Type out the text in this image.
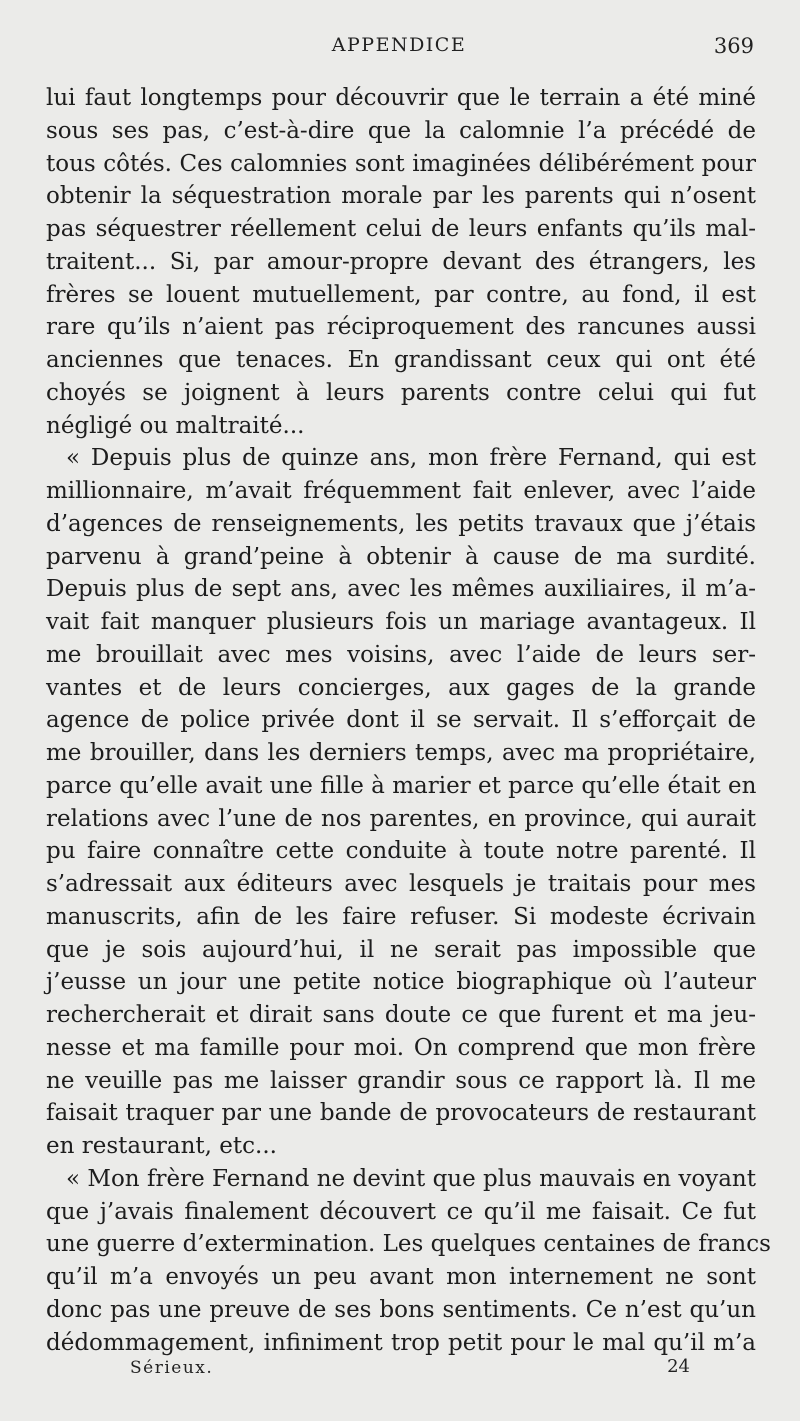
APPENDICE	369
lui faut longtemps pour découvrir que le terrain a été miné
sous ses pas, c’est-à-dire que la calomnie l’a précédé de
tous côtés. Ces calomnies sont imaginées délibérément pour
obtenir la séquestration morale par les parents qui n’osent
pas séquestrer réellement celui de leurs enfants qu’ils mal-
traitent... Si, par amour-propre devant des étrangers, les
frères se louent mutuellement, par contre, au fond, il est
rare qu’ils n’aient pas réciproquement des rancunes aussi
anciennes que tenaces. En grandissant ceux qui ont été
choyés se joignent à leurs parents contre celui qui fut
négligé ou maltraité...
« Depuis plus de quinze ans, mon frère Fernand, qui est
millionnaire, m’avait fréquemment fait enlever, avec l’aide
d’agences de renseignements, les petits travaux que j’étais
parvenu à grand’peine à obtenir à cause de ma surdité.
Depuis plus de sept ans, avec les mêmes auxiliaires, il m’a-
vait fait manquer plusieurs fois un mariage avantageux. Il
me brouillait avec mes voisins, avec l’aide de leurs ser-
vantes et de leurs concierges, aux gages de la grande
agence de police privée dont il se servait. Il s’efforçait de
me brouiller, dans les derniers temps, avec ma propriétaire,
parce qu’elle avait une fille à marier et parce qu’elle était en
relations avec l’une de nos parentes, en province, qui aurait
pu faire connaître cette conduite à toute notre parenté. Il
s’adressait aux éditeurs avec lesquels je traitais pour mes
manuscrits, afin de les faire refuser. Si modeste écrivain
que je sois aujourd’hui, il ne serait pas impossible que
j’eusse un jour une petite notice biographique où l’auteur
rechercherait et dirait sans doute ce que furent et ma jeu-
nesse et ma famille pour moi. On comprend que mon frère
ne veuille pas me laisser grandir sous ce rapport là. Il me
faisait traquer par une bande de provocateurs de restaurant
en restaurant, etc...
« Mon frère Fernand ne devint que plus mauvais en voyant
que j’avais finalement découvert ce qu’il me faisait. Ce fut
une guerre d’extermination. Les quelques centaines de francs
qu’il m’a envoyés un peu avant mon internement ne sont
donc pas une preuve de ses bons sentiments. Ce n’est qu’un
dédommagement, infiniment trop petit pour le mal qu’il m’a
Sérieux.	24
